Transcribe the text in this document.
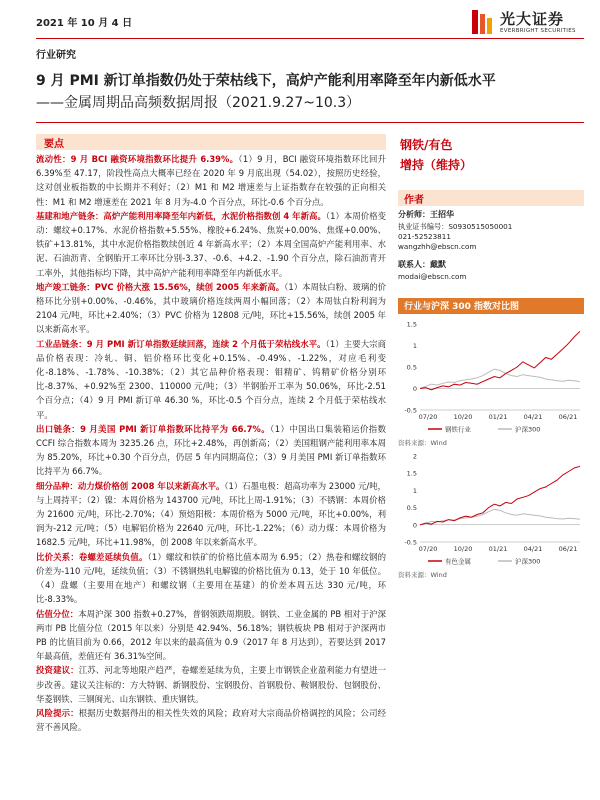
2021 年 10 月 4 日	光大证券
EVERBRIGHT SECURITIES
行业研究
9 月 PMI 新订单指数仍处于荣枯线下，高炉产能利用率降至年内新低水平
——金属周期品高频数据周报（2021.9.27~10.3）
要点

流动性：9 月 BCI 融资环境指数环比提升 6.39%。（1）9 月，BCI 融资环境指数环比回升 6.39%至 47.17，阶段性高点大概率已经在 2020 年 9 月底出现（54.02），按照历史经验，这对创业板指数的中长期并不利好；（2）M1 和 M2 增速差与上证指数存在较强的正向相关性：M1 和 M2 增速差在 2021 年 8 月为-4.0 个百分点，环比-0.6 个百分点。

基建和地产链条：高炉产能利用率降至年内新低，水泥价格指数创 4 年新高。（1）本周价格变动：螺纹+0.17%、水泥价格指数+5.55%、橡胶+6.24%、焦炭+0.00%、焦煤+0.00%、铁矿+13.81%，其中水泥价格指数续创近 4 年新高水平；（2）本周全国高炉产能利用率、水泥、石油沥青、全钢胎开工率环比分别-3.37、-0.6、+4.2、-1.90 个百分点，除石油沥青开工率外，其他指标均下降，其中高炉产能利用率降至年内新低水平。

地产竣工链条：PVC 价格大涨 15.56%，续创 2005 年来新高。（1）本周钛白粉、玻璃的价格环比分别+0.00%、-0.46%，其中玻璃价格连续两周小幅回落；（2）本周钛白粉利润为 2104 元/吨，环比+2.40%；（3）PVC 价格为 12808 元/吨，环比+15.56%，续创 2005 年以来新高水平。

工业品链条：9 月 PMI 新订单指数延续回落，连续 2 个月低于荣枯线水平。（1）主要大宗商品价格表现：冷轧、铜、铝价格环比变化+0.15%、-0.49%、-1.22%，对应毛利变化-8.18%、-1.78%、-10.38%；（2）其它品种价格表现：钼精矿、钨精矿价格分别环比-8.37%、+0.92%至 2300、110000 元/吨；（3）半钢胎开工率为 50.06%，环比-2.51 个百分点；（4）9 月 PMI 新订单 46.30 %，环比-0.5 个百分点，连续 2 个月低于荣枯线水平。

出口链条：9 月美国 PMI 新订单指数环比持平为 66.7%。（1）中国出口集装箱运价指数 CCFI 综合指数本周为 3235.26 点，环比+2.48%，再创新高；（2）美国粗钢产能利用率本周为 85.20%，环比+0.30 个百分点，仍居 5 年内同期高位；（3）9 月美国 PMI 新订单指数环比持平为 66.7%。

细分品种：动力煤价格创 2008 年以来新高水平。（1）石墨电极：超高功率为 23000 元/吨，与上周持平；（2）镍：本周价格为 143700 元/吨，环比上周-1.91%；（3）不锈钢：本周价格为 21600 元/吨，环比-2.70%；（4）预焙阳极：本周价格为 5000 元/吨，环比+0.00%，利润为-212 元/吨；（5）电解铝价格为 22640 元/吨，环比-1.22%；（6）动力煤：本周价格为 1682.5 元/吨，环比+11.98%，创 2008 年以来新高水平。

比价关系：卷螺差延续负值。（1）螺纹和铁矿的价格比值本周为 6.95；（2）热卷和螺纹钢的价差为-110 元/吨，延续负值；（3）不锈钢热轧电解镍的价格比值为 0.13，处于 10 年低位。（4）盘螺（主要用在地产）和螺纹钢（主要用在基建）的价差本周五达 330 元/吨，环比-8.33%。

估值分位：本周沪深 300 指数+0.27%，普钢领跌周期股。钢铁、工业金属的 PB 相对于沪深两市 PB 比值分位（2015 年以来）分别是 42.94%、56.18%；钢铁板块 PB 相对于沪深两市 PB 的比值目前为 0.66，2012 年以来的最高值为 0.9（2017 年 8 月达到），若要达到 2017 年最高值，差值还有 36.31%空间。

投资建议：江苏、河北等地限产趋严，卷螺差延续为负，主要上市钢铁企业盈利能力有望进一步改善。建议关注标的：方大特钢、新钢股份、宝钢股份、首钢股份、鞍钢股份、包钢股份、华菱钢铁、三钢闽光、山东钢铁、重庆钢铁。

风险提示：根据历史数据得出的相关性失效的风险；政府对大宗商品价格调控的风险；公司经营不善风险。

钢铁/有色
增持（维持）
作者
分析师：王招华
执业证书编号：S0930515050001
021-52523811
wangzhh@ebscn.com
联系人：戴默
modai@ebscn.com
行业与沪深 300 指数对比图
1.5
1
0.5
0
-0.5
07/20	10/20	01/21	04/21	06/21
钢铁行业	沪深300
资料来源：Wind
2
1.5
1
0.5
0
-0.5
07/20	10/20	01/21	04/21	06/21
有色金属	沪深300
资料来源：Wind
